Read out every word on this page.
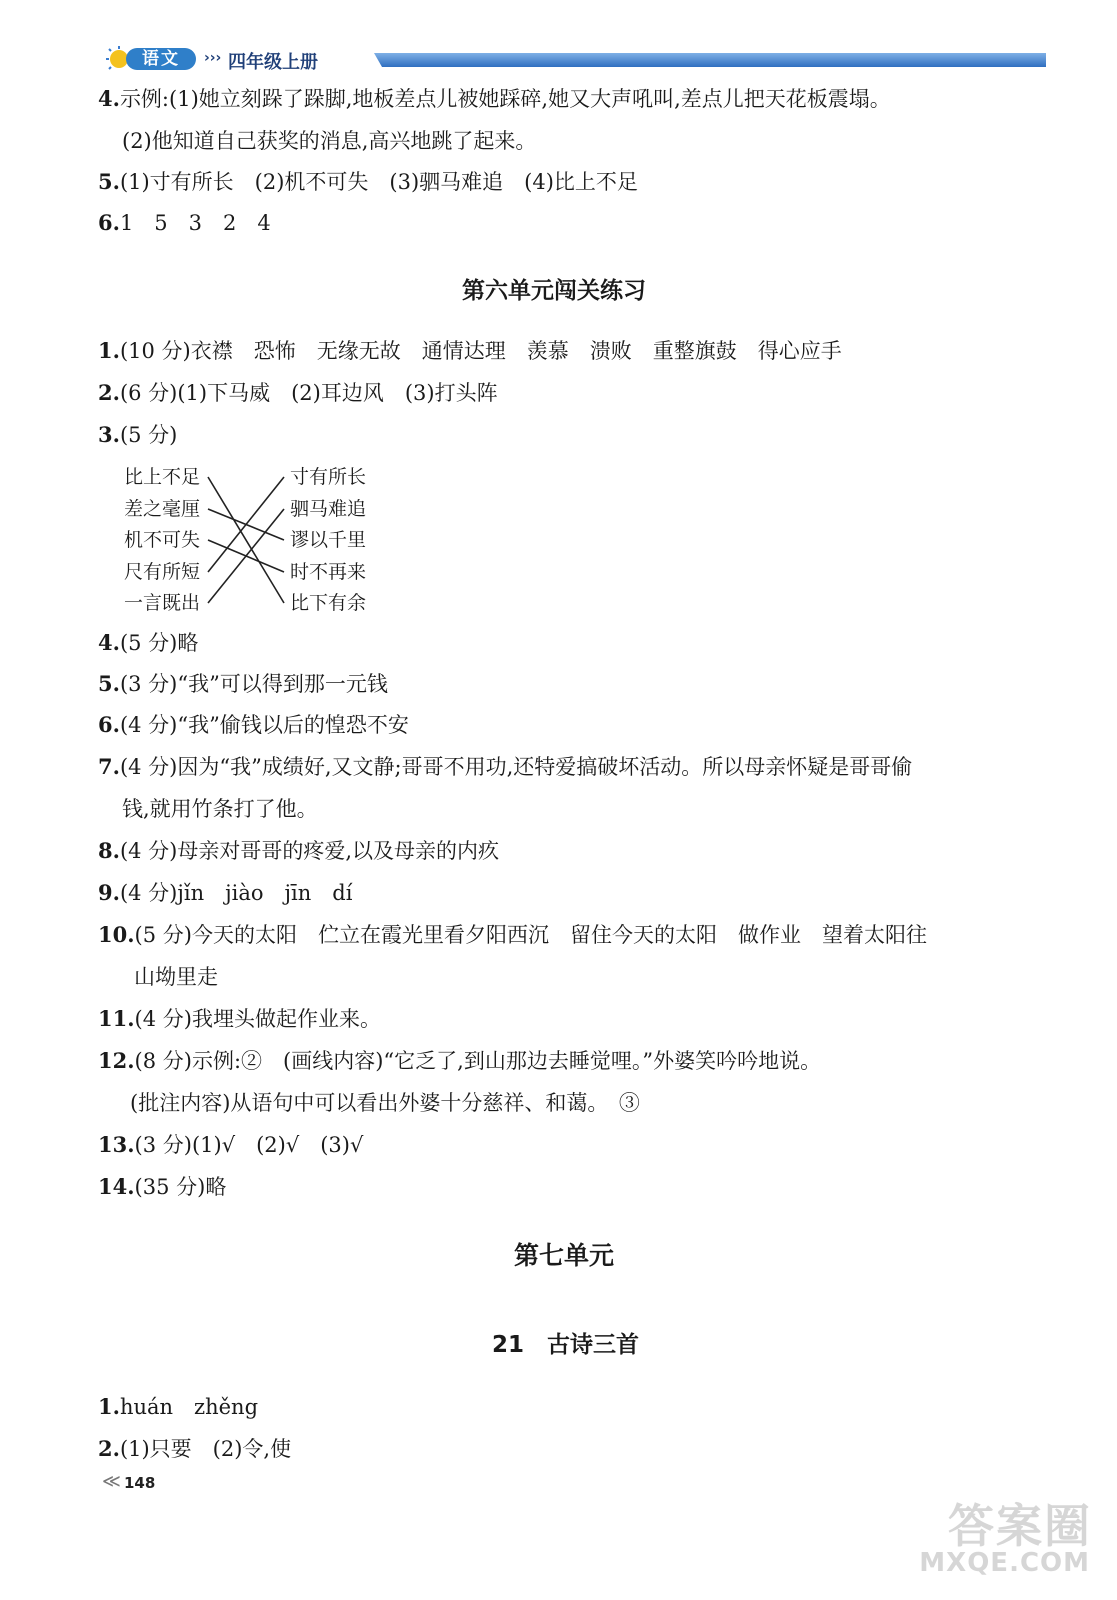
语文	››› 四年级上册
4.示例:(1)她立刻跺了跺脚,地板差点儿被她踩碎,她又大声吼叫,差点儿把天花板震塌。
(2)他知道自己获奖的消息,高兴地跳了起来。
5.(1)寸有所长　(2)机不可失　(3)驷马难追　(4)比上不足
6.1　5　3　2　4
第六单元闯关练习
1.(10 分)衣襟　恐怖　无缘无故　通情达理　羡慕　溃败　重整旗鼓　得心应手
2.(6 分)(1)下马威　(2)耳边风　(3)打头阵
3.(5 分)
比上不足
差之毫厘
机不可失
尺有所短
一言既出
寸有所长
驷马难追
谬以千里
时不再来
比下有余
4.(5 分)略
5.(3 分)“我”可以得到那一元钱
6.(4 分)“我”偷钱以后的惶恐不安
7.(4 分)因为“我”成绩好,又文静;哥哥不用功,还特爱搞破坏活动。所以母亲怀疑是哥哥偷
钱,就用竹条打了他。
8.(4 分)母亲对哥哥的疼爱,以及母亲的内疚
9.(4 分)jǐn　jiào　jīn　dí
10.(5 分)今天的太阳　伫立在霞光里看夕阳西沉　留住今天的太阳　做作业　望着太阳往
山坳里走
11.(4 分)我埋头做起作业来。
12.(8 分)示例:②　(画线内容)“它乏了,到山那边去睡觉哩。”外婆笑吟吟地说。
(批注内容)从语句中可以看出外婆十分慈祥、和蔼。　③
13.(3 分)(1)√　(2)√　(3)√
14.(35 分)略
第七单元
21　古诗三首
1.huán　zhěng
2.(1)只要　(2)令,使
≪ 148
答案圈
MXQE.COM
